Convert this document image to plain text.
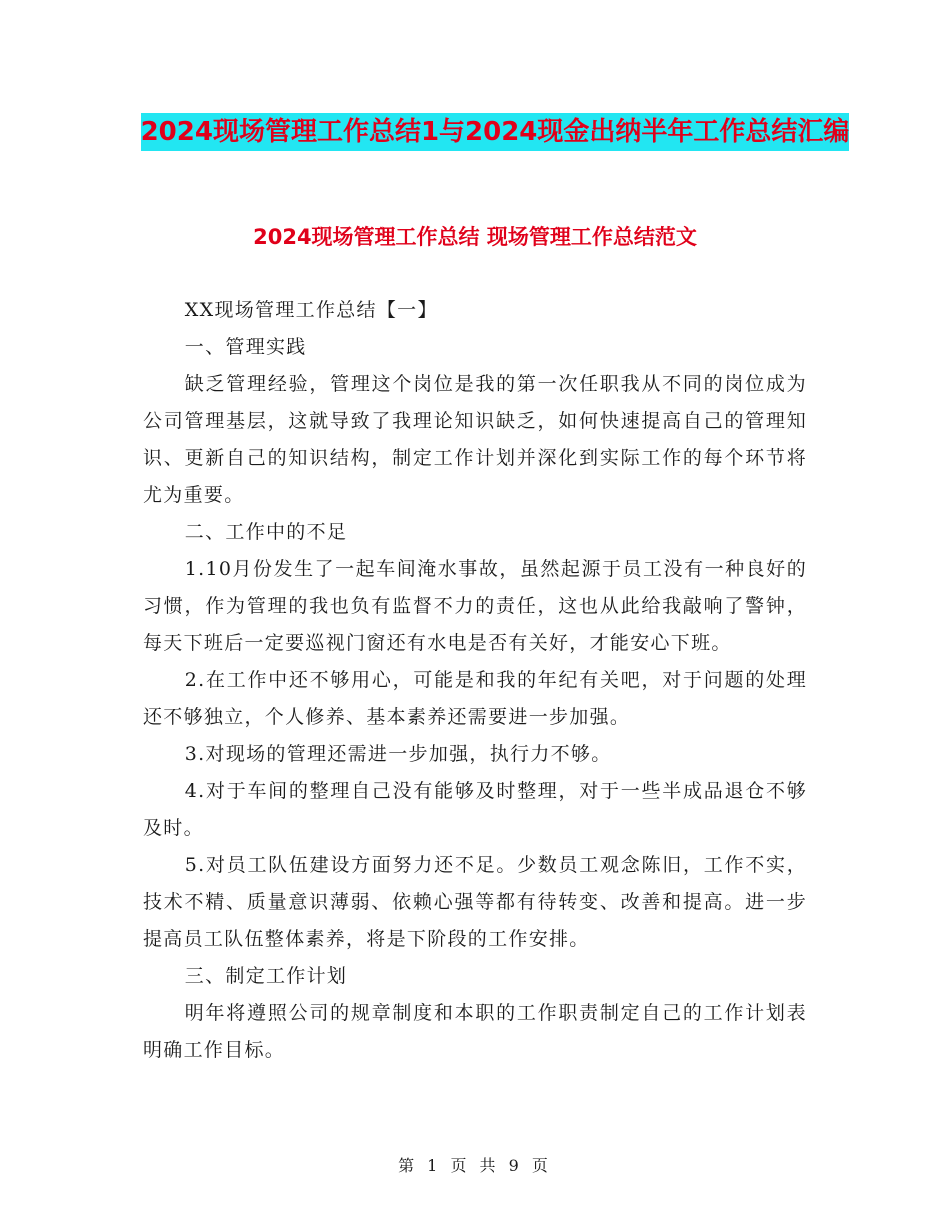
2024现场管理工作总结1与2024现金出纳半年工作总结汇编
2024现场管理工作总结 现场管理工作总结范文

XX现场管理工作总结【一】

一、管理实践

缺乏管理经验，管理这个岗位是我的第一次任职我从不同的岗位成为公司管理基层，这就导致了我理论知识缺乏，如何快速提高自己的管理知识、更新自己的知识结构，制定工作计划并深化到实际工作的每个环节将尤为重要。

二、工作中的不足

1.10月份发生了一起车间淹水事故，虽然起源于员工没有一种良好的习惯，作为管理的我也负有监督不力的责任，这也从此给我敲响了警钟，每天下班后一定要巡视门窗还有水电是否有关好，才能安心下班。

2.在工作中还不够用心，可能是和我的年纪有关吧，对于问题的处理还不够独立，个人修养、基本素养还需要进一步加强。

3.对现场的管理还需进一步加强，执行力不够。

4.对于车间的整理自己没有能够及时整理，对于一些半成品退仓不够及时。

5.对员工队伍建设方面努力还不足。少数员工观念陈旧，工作不实，技术不精、质量意识薄弱、依赖心强等都有待转变、改善和提高。进一步提高员工队伍整体素养，将是下阶段的工作安排。

三、制定工作计划

明年将遵照公司的规章制度和本职的工作职责制定自己的工作计划表明确工作目标。

第 1 页 共 9 页
